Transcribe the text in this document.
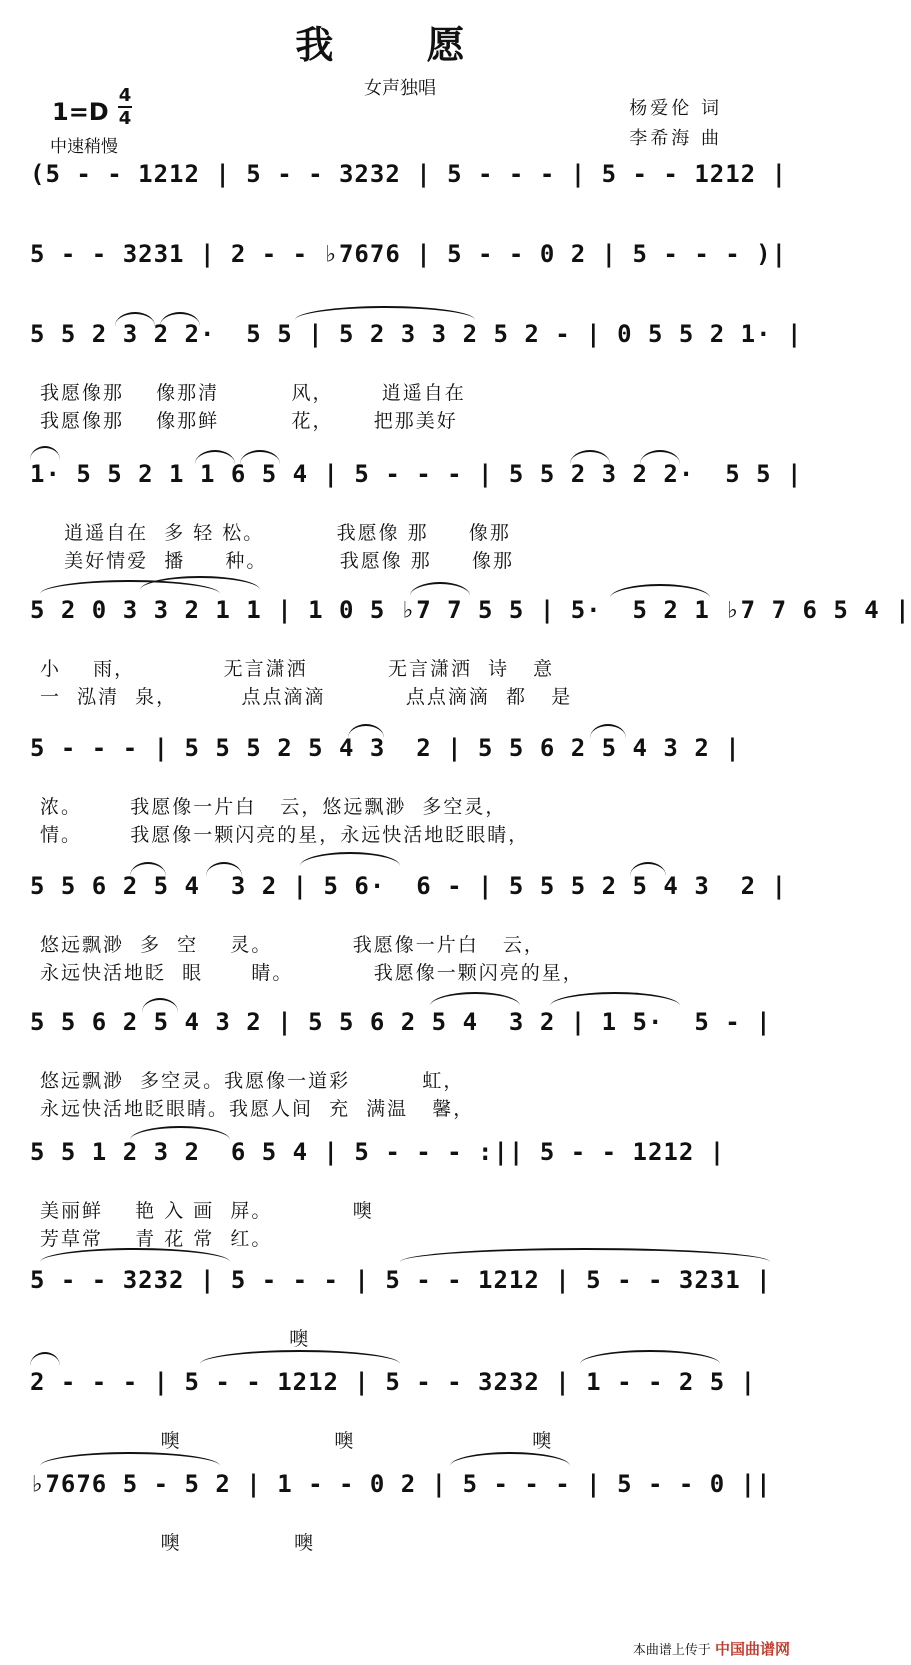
我 愿
女声独唱
1=D
4
4
中速稍慢
杨爱伦 词
李希海 曲
(5 - - 1212 | 5 - - 3232 | 5 - - - | 5 - - 1212 |
5 - - 3231 | 2 - - ♭7676 | 5 - - 0 2 | 5 - - - )|
5 5 2 3 2 2·  5 5 | 5 2 3 3 2 5 2 - | 0 5 5 2 1· |
我愿像那    像那清         风，      逍遥自在
我愿像那    像那鲜         花，     把那美好
1· 5 5 2 1 1 6 5 4 | 5 - - - | 5 5 2 3 2 2·  5 5 |
逍遥自在  多 轻 松。         我愿像 那     像那
美好情爱  播     种。         我愿像 那     像那
5 2 0 3 3 2 1 1 | 1 0 5 ♭7 7 5 5 | 5·  5 2 1 ♭7 7 6 5 4 |
小    雨，           无言潇洒          无言潇洒  诗   意
一  泓清  泉，        点点滴滴          点点滴滴  都   是
5 - - - | 5 5 5 2 5 4 3  2 | 5 5 6 2 5 4 3 2 |
浓。      我愿像一片白   云，悠远飘渺  多空灵，
情。      我愿像一颗闪亮的星，永远快活地眨眼睛，
5 5 6 2 5 4  3 2 | 5 6·  6 - | 5 5 5 2 5 4 3  2 |
悠远飘渺  多  空    灵。          我愿像一片白   云，
永远快活地眨  眼      睛。          我愿像一颗闪亮的星，
5 5 6 2 5 4 3 2 | 5 5 6 2 5 4  3 2 | 1 5·  5 - |
悠远飘渺  多空灵。我愿像一道彩         虹，
永远快活地眨眼睛。我愿人间  充  满温   馨，
5 5 1 2 3 2  6 5 4 | 5 - - - :|| 5 - - 1212 |
美丽鲜    艳 入 画  屏。          噢
芳草常    青 花 常  红。
5 - - 3232 | 5 - - - | 5 - - 1212 | 5 - - 3231 |
噢
2 - - - | 5 - - 1212 | 5 - - 3232 | 1 - - 2 5 |
噢                   噢                      噢
♭7676 5 - 5 2 | 1 - - 0 2 | 5 - - - | 5 - - 0 ||
噢              噢
本曲谱上传于 中国曲谱网
